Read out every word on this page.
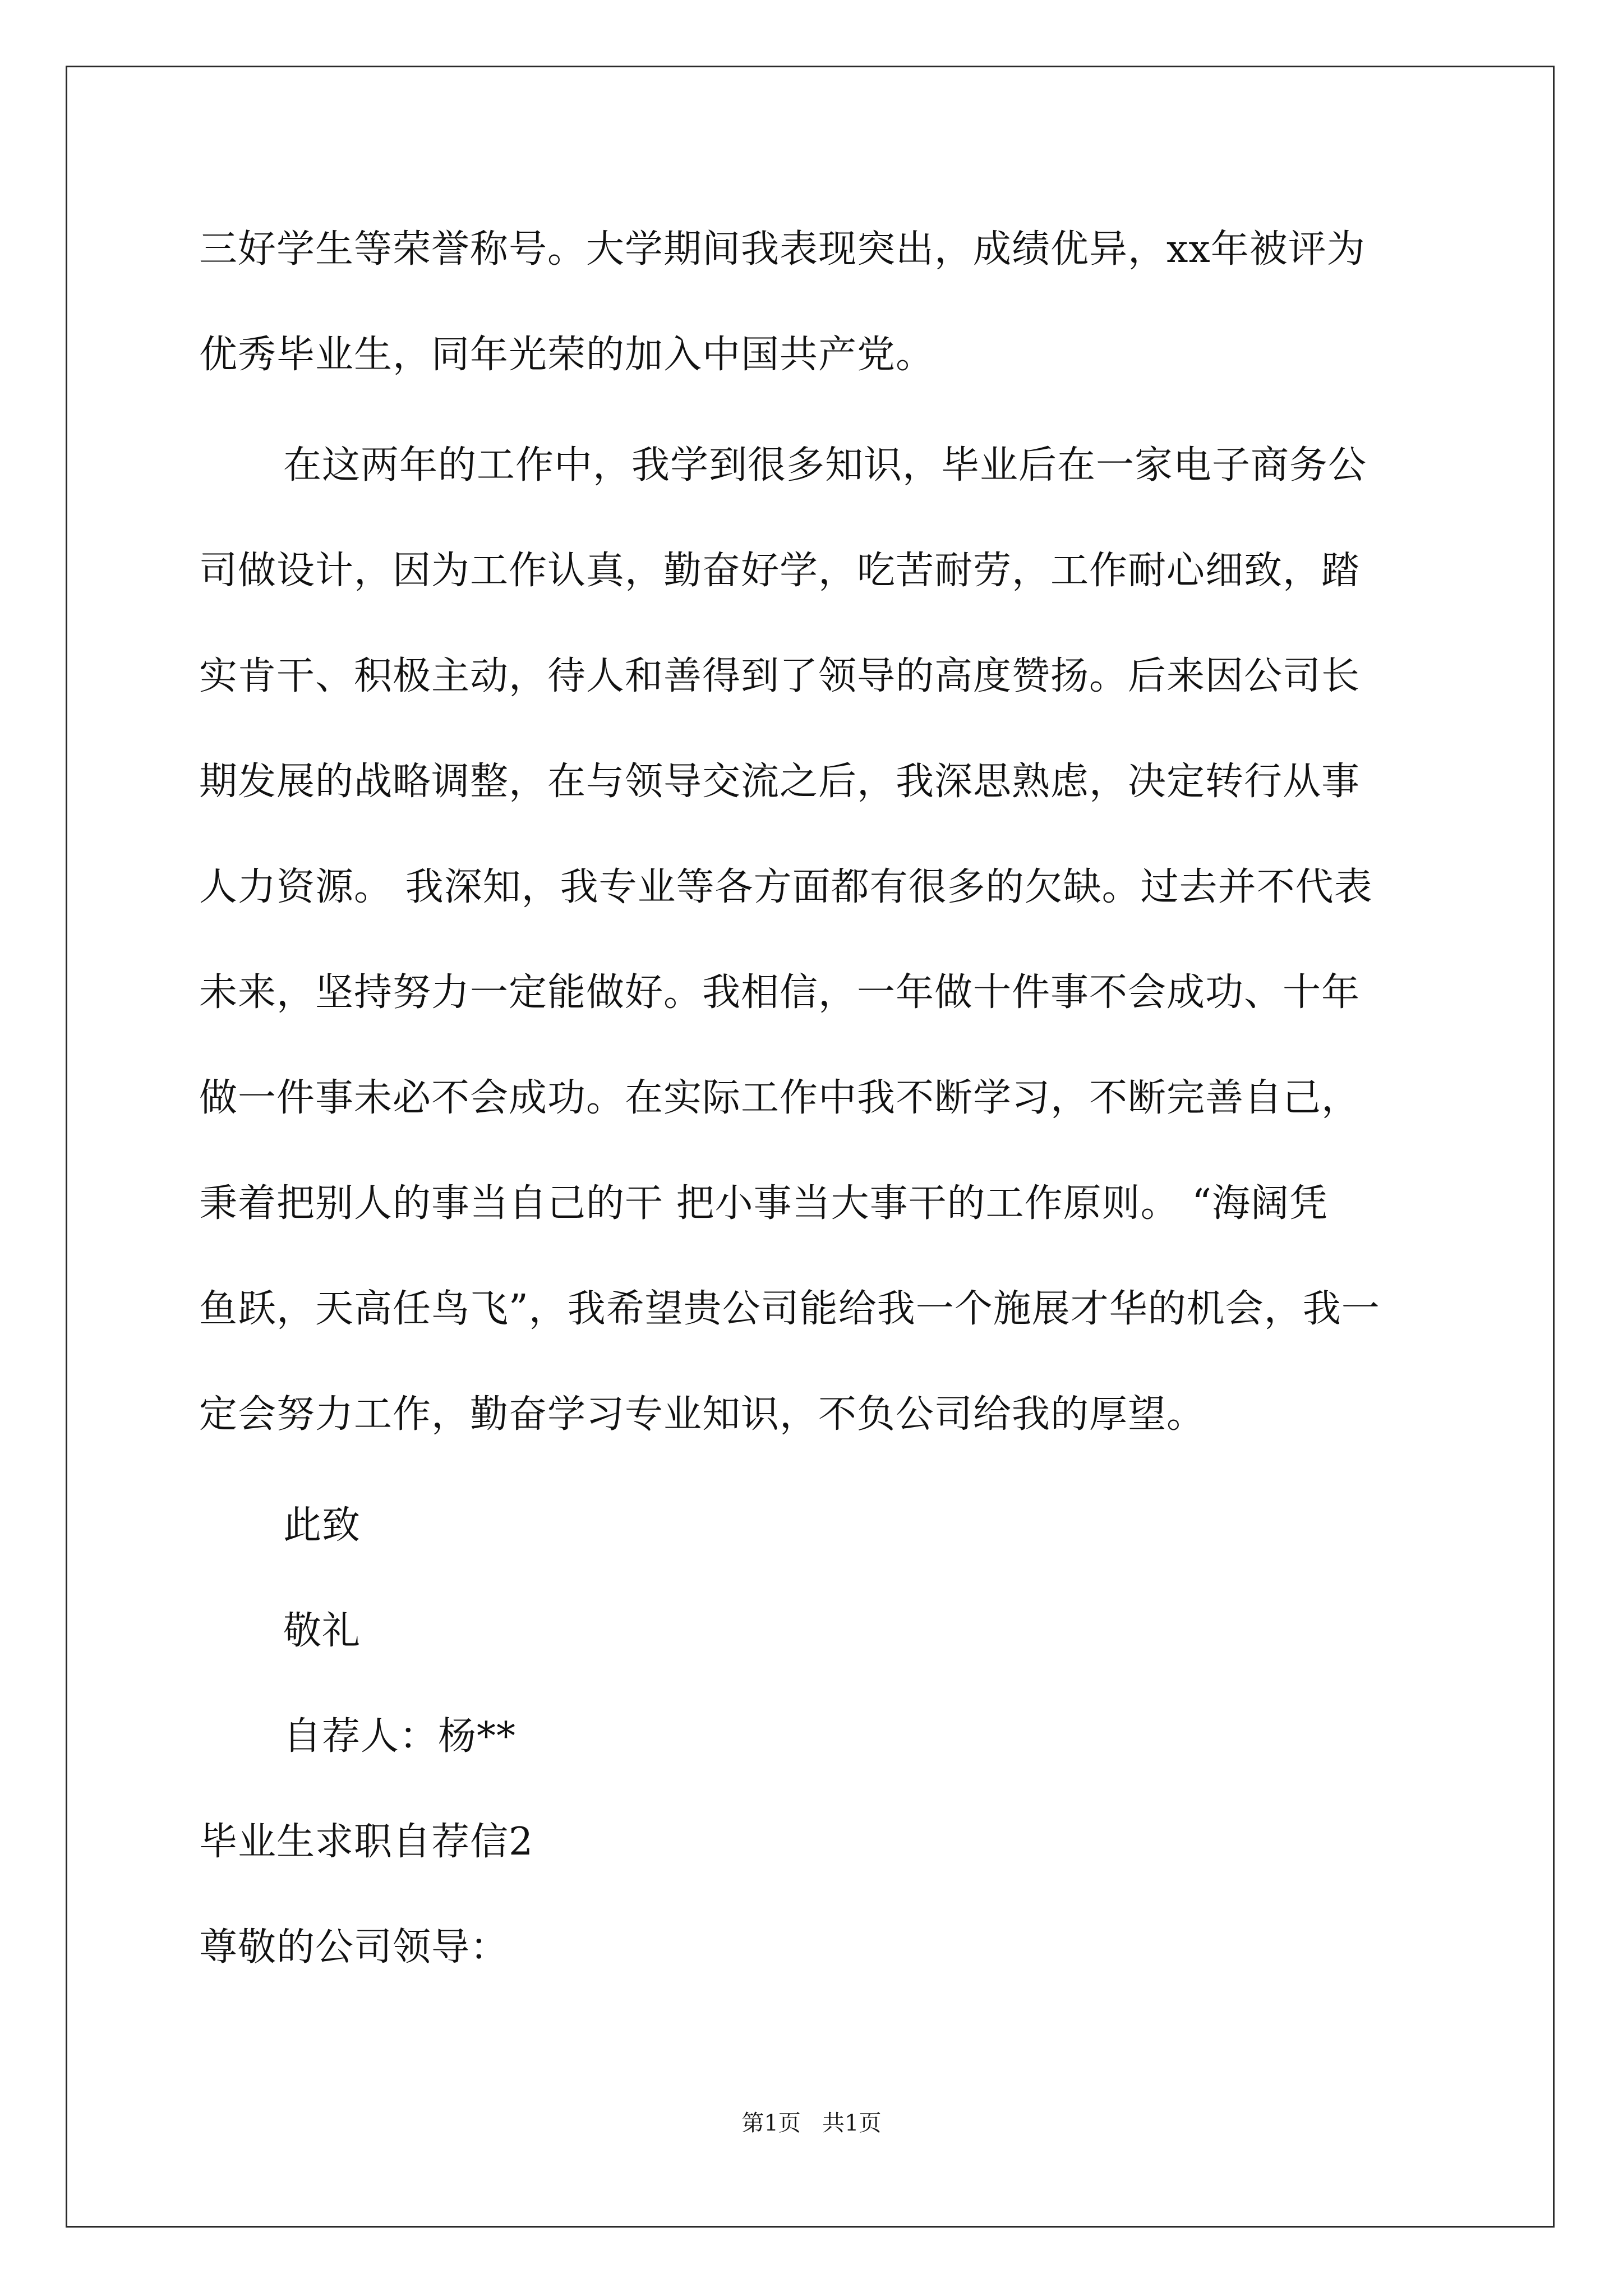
三好学生等荣誉称号。大学期间我表现突出，成绩优异，xx年被评为
优秀毕业生，同年光荣的加入中国共产党。
在这两年的工作中，我学到很多知识，毕业后在一家电子商务公
司做设计，因为工作认真，勤奋好学，吃苦耐劳，工作耐心细致，踏
实肯干、积极主动，待人和善得到了领导的高度赞扬。后来因公司长
期发展的战略调整，在与领导交流之后，我深思熟虑，决定转行从事
人力资源。 我深知，我专业等各方面都有很多的欠缺。过去并不代表
未来，坚持努力一定能做好。我相信，一年做十件事不会成功、十年
做一件事未必不会成功。在实际工作中我不断学习，不断完善自己，
秉着把别人的事当自己的干 把小事当大事干的工作原则。 “海阔凭
鱼跃，天高任鸟飞”，我希望贵公司能给我一个施展才华的机会，我一
定会努力工作，勤奋学习专业知识，不负公司给我的厚望。
此致
敬礼
自荐人：杨**
毕业生求职自荐信2
尊敬的公司领导：
第1页   共1页
